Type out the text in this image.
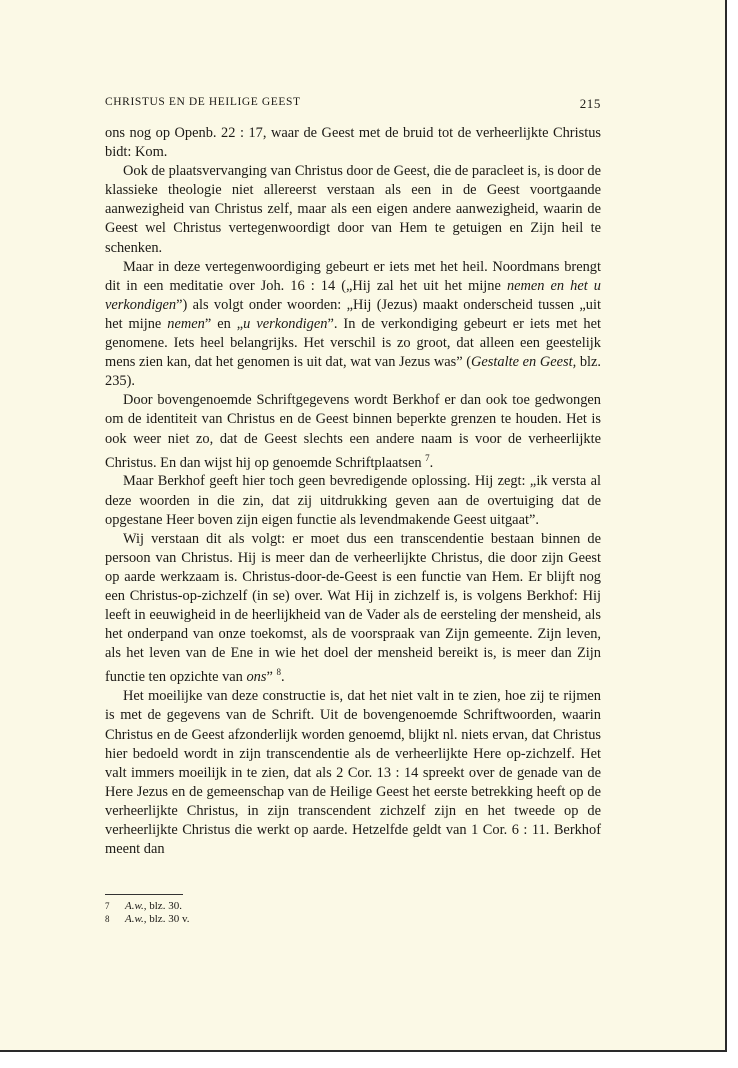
CHRISTUS EN DE HEILIGE GEEST	215

ons nog op Openb. 22 : 17, waar de Geest met de bruid tot de verheerlijkte Christus bidt: Kom.

Ook de plaatsvervanging van Christus door de Geest, die de paracleet is, is door de klassieke theologie niet allereerst verstaan als een in de Geest voortgaande aanwezigheid van Christus zelf, maar als een eigen andere aanwezigheid, waarin de Geest wel Christus vertegenwoordigt door van Hem te getuigen en Zijn heil te schenken.

Maar in deze vertegenwoordiging gebeurt er iets met het heil. Noordmans brengt dit in een meditatie over Joh. 16 : 14 („Hij zal het uit het mijne nemen en het u verkondigen”) als volgt onder woorden: „Hij (Jezus) maakt onderscheid tussen „uit het mijne nemen” en „u verkondigen”. In de verkondiging gebeurt er iets met het genomene. Iets heel belangrijks. Het verschil is zo groot, dat alleen een geestelijk mens zien kan, dat het genomen is uit dat, wat van Jezus was” (Gestalte en Geest, blz. 235).

Door bovengenoemde Schriftgegevens wordt Berkhof er dan ook toe gedwongen om de identiteit van Christus en de Geest binnen beperkte grenzen te houden. Het is ook weer niet zo, dat de Geest slechts een andere naam is voor de verheerlijkte Christus. En dan wijst hij op genoemde Schriftplaatsen $^7$.

Maar Berkhof geeft hier toch geen bevredigende oplossing. Hij zegt: „ik versta al deze woorden in die zin, dat zij uitdrukking geven aan de overtuiging dat de opgestane Heer boven zijn eigen functie als levendmakende Geest uitgaat”.

Wij verstaan dit als volgt: er moet dus een transcendentie bestaan binnen de persoon van Christus. Hij is meer dan de verheerlijkte Christus, die door zijn Geest op aarde werkzaam is. Christus-door-de-Geest is een functie van Hem. Er blijft nog een Christus-op-zichzelf (in se) over. Wat Hij in zichzelf is, is volgens Berkhof: Hij leeft in eeuwigheid in de heerlijkheid van de Vader als de eersteling der mensheid, als het onderpand van onze toekomst, als de voorspraak van Zijn gemeente. Zijn leven, als het leven van de Ene in wie het doel der mensheid bereikt is, is meer dan Zijn functie ten opzichte van ons” $^8$.

Het moeilijke van deze constructie is, dat het niet valt in te zien, hoe zij te rijmen is met de gegevens van de Schrift. Uit de bovengenoemde Schriftwoorden, waarin Christus en de Geest afzonderlijk worden genoemd, blijkt nl. niets ervan, dat Christus hier bedoeld wordt in zijn transcendentie als de verheerlijkte Here op-zichzelf. Het valt immers moeilijk in te zien, dat als 2 Cor. 13 : 14 spreekt over de genade van de Here Jezus en de gemeenschap van de Heilige Geest het eerste betrekking heeft op de verheerlijkte Christus, in zijn transcendent zichzelf zijn en het tweede op de verheerlijkte Christus die werkt op aarde. Hetzelfde geldt van 1 Cor. 6 : 11. Berkhof meent dan

7 A.w., blz. 30.
8 A.w., blz. 30 v.
